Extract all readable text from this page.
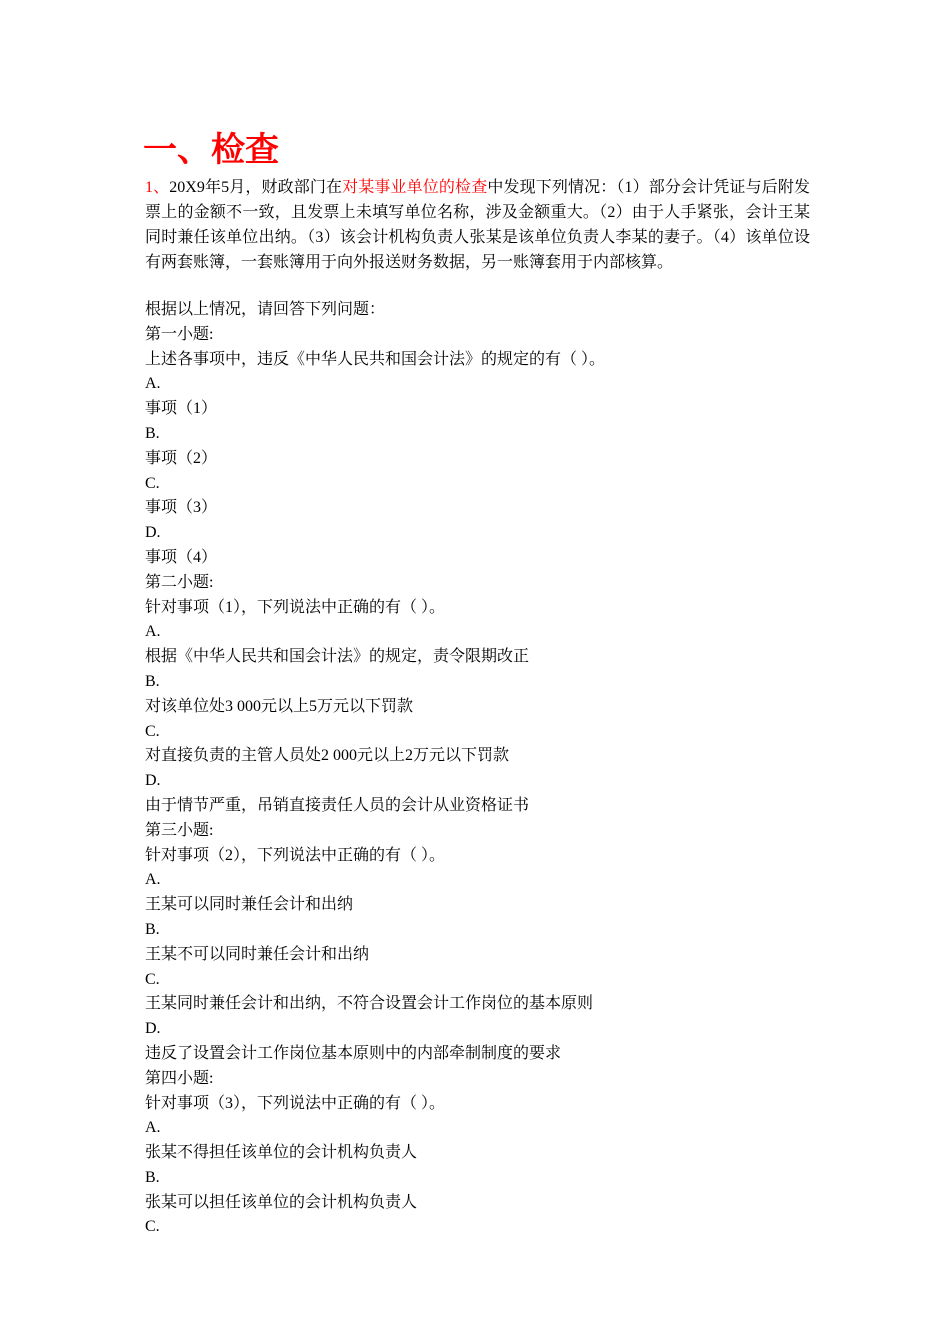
一、检查
1、20X9年5月，财政部门在对某事业单位的检查中发现下列情况：（1）部分会计凭证与后附发票上的金额不一致，且发票上未填写单位名称，涉及金额重大。（2）由于人手紧张，会计王某同时兼任该单位出纳。（3）该会计机构负责人张某是该单位负责人李某的妻子。（4）该单位设有两套账簿，一套账簿用于向外报送财务数据，另一账簿套用于内部核算。
根据以上情况，请回答下列问题：
第一小题:
上述各事项中，违反《中华人民共和国会计法》的规定的有（ ）。
A.
事项（1）
B.
事项（2）
C.
事项（3）
D.
事项（4）
第二小题:
针对事项（1），下列说法中正确的有（ ）。
A.
根据《中华人民共和国会计法》的规定，责令限期改正
B.
对该单位处3 000元以上5万元以下罚款
C.
对直接负责的主管人员处2 000元以上2万元以下罚款
D.
由于情节严重，吊销直接责任人员的会计从业资格证书
第三小题:
针对事项（2），下列说法中正确的有（ ）。
A.
王某可以同时兼任会计和出纳
B.
王某不可以同时兼任会计和出纳
C.
王某同时兼任会计和出纳，不符合设置会计工作岗位的基本原则
D.
违反了设置会计工作岗位基本原则中的内部牵制制度的要求
第四小题:
针对事项（3），下列说法中正确的有（ ）。
A.
张某不得担任该单位的会计机构负责人
B.
张某可以担任该单位的会计机构负责人
C.
